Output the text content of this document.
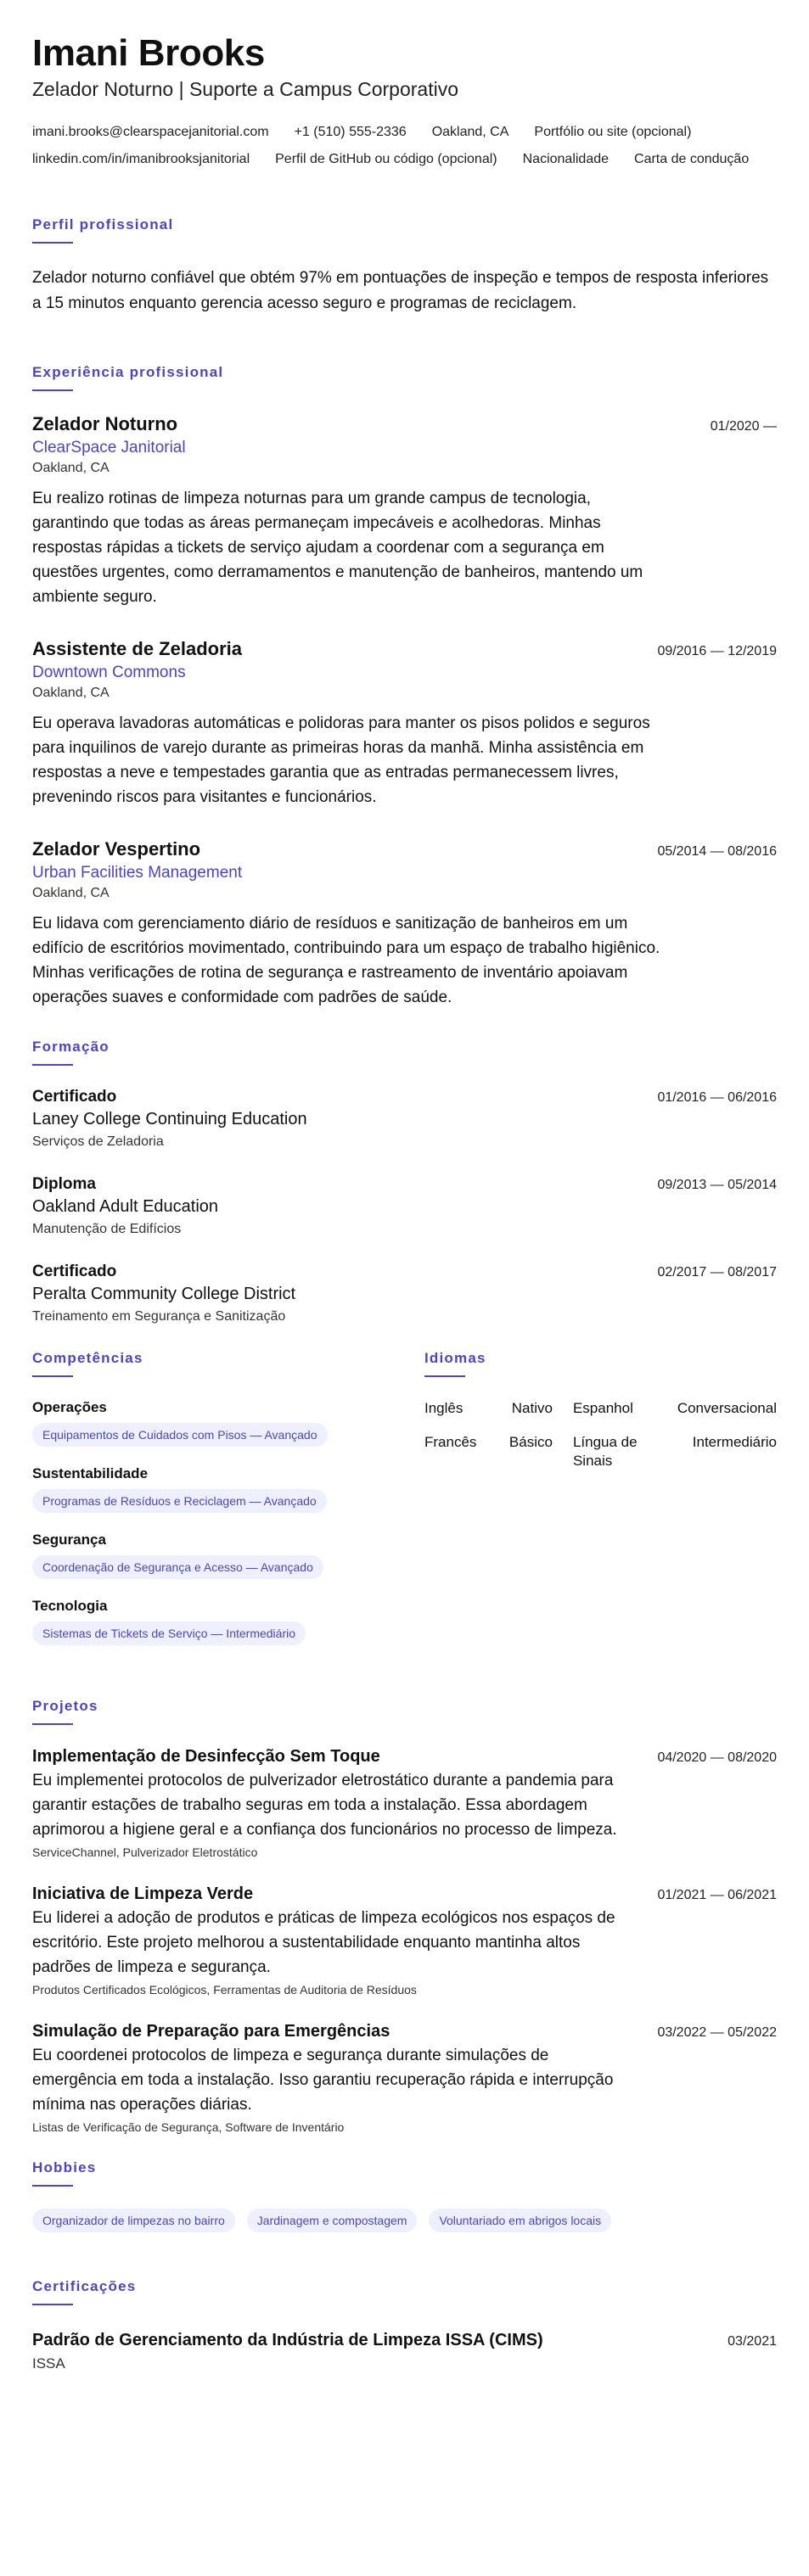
Imani Brooks
Zelador Noturno | Suporte a Campus Corporativo
imani.brooks@clearspacejanitorial.com +1 (510) 555-2336 Oakland, CA Portfólio ou site (opcional)
linkedin.com/in/imanibrooksjanitorial Perfil de GitHub ou código (opcional) Nacionalidade Carta de condução
Perfil profissional

Zelador noturno confiável que obtém 97% em pontuações de inspeção e tempos de resposta inferiores a 15 minutos enquanto gerencia acesso seguro e programas de reciclagem.

Experiência profissional
Zelador Noturno	01/2020 —
ClearSpace Janitorial
Oakland, CA
Eu realizo rotinas de limpeza noturnas para um grande campus de tecnologia, garantindo que todas as áreas permaneçam impecáveis e acolhedoras. Minhas respostas rápidas a tickets de serviço ajudam a coordenar com a segurança em questões urgentes, como derramamentos e manutenção de banheiros, mantendo um ambiente seguro.
Assistente de Zeladoria	09/2016 — 12/2019
Downtown Commons
Oakland, CA
Eu operava lavadoras automáticas e polidoras para manter os pisos polidos e seguros para inquilinos de varejo durante as primeiras horas da manhã. Minha assistência em respostas a neve e tempestades garantia que as entradas permanecessem livres, prevenindo riscos para visitantes e funcionários.
Zelador Vespertino	05/2014 — 08/2016
Urban Facilities Management
Oakland, CA
Eu lidava com gerenciamento diário de resíduos e sanitização de banheiros em um edifício de escritórios movimentado, contribuindo para um espaço de trabalho higiênico. Minhas verificações de rotina de segurança e rastreamento de inventário apoiavam operações suaves e conformidade com padrões de saúde.
Formação
Certificado	01/2016 — 06/2016
Laney College Continuing Education
Serviços de Zeladoria
Diploma	09/2013 — 05/2014
Oakland Adult Education
Manutenção de Edifícios
Certificado	02/2017 — 08/2017
Peralta Community College District
Treinamento em Segurança e Sanitização
Competências
Operações
Equipamentos de Cuidados com Pisos — Avançado
Sustentabilidade
Programas de Resíduos e Reciclagem — Avançado
Segurança
Coordenação de Segurança e Acesso — Avançado
Tecnologia
Sistemas de Tickets de Serviço — Intermediário
Idiomas
Inglês	Nativo	Espanhol	Conversacional
Francês	Básico	Língua de Sinais	Intermediário
Projetos
Implementação de Desinfecção Sem Toque	04/2020 — 08/2020
Eu implementei protocolos de pulverizador eletrostático durante a pandemia para garantir estações de trabalho seguras em toda a instalação. Essa abordagem aprimorou a higiene geral e a confiança dos funcionários no processo de limpeza.
ServiceChannel, Pulverizador Eletrostático
Iniciativa de Limpeza Verde	01/2021 — 06/2021
Eu liderei a adoção de produtos e práticas de limpeza ecológicos nos espaços de escritório. Este projeto melhorou a sustentabilidade enquanto mantinha altos padrões de limpeza e segurança.
Produtos Certificados Ecológicos, Ferramentas de Auditoria de Resíduos
Simulação de Preparação para Emergências	03/2022 — 05/2022
Eu coordenei protocolos de limpeza e segurança durante simulações de emergência em toda a instalação. Isso garantiu recuperação rápida e interrupção mínima nas operações diárias.
Listas de Verificação de Segurança, Software de Inventário
Hobbies
Organizador de limpezas no bairro	Jardinagem e compostagem	Voluntariado em abrigos locais
Certificações
Padrão de Gerenciamento da Indústria de Limpeza ISSA (CIMS)	03/2021
ISSA
